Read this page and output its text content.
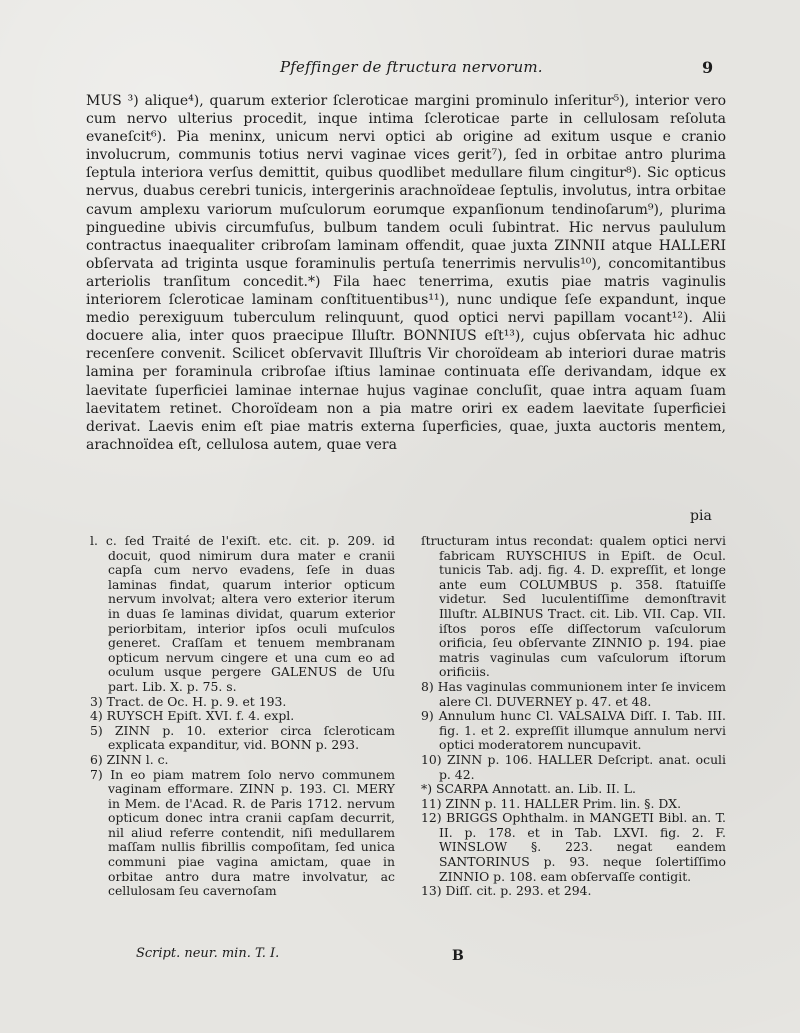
Pfeffinger de ftructura nervorum.	9

MUS ³) alique⁴), quarum exterior ſcleroticae margini prominulo inſeritur⁵), interior vero cum nervo ulterius procedit, inque intima ſcleroticae parte in cellulosam reſoluta evaneſcit⁶). Pia meninx, unicum nervi optici ab origine ad exitum usque e cranio involucrum, communis totius nervi vaginae vices gerit⁷), ſed in orbitae antro plurima ſeptula interiora verſus demittit, quibus quodlibet medullare filum cingitur⁸). Sic opticus nervus, duabus cerebri tunicis, intergerinis arachnoïdeae ſeptulis, involutus, intra orbitae cavum amplexu variorum muſculorum eorumque expanſionum tendinoſarum⁹), plurima pinguedine ubivis circumfuſus, bulbum tandem oculi ſubintrat. Hic nervus paululum contractus inaequaliter cribroſam laminam offendit, quae juxta ZINNII atque HALLERI obſervata ad triginta usque foraminulis pertuſa tenerrimis nervulis¹⁰), concomitantibus arteriolis tranſitum concedit.*) Fila haec tenerrima, exutis piae matris vaginulis interiorem ſcleroticae laminam conſtituentibus¹¹), nunc undique ſeſe expandunt, inque medio perexiguum tuberculum relinquunt, quod optici nervi papillam vocant¹²). Alii docuere alia, inter quos praecipue Illuſtr. BONNIUS eſt¹³), cujus obſervata hic adhuc recenſere convenit. Scilicet obſervavit Illuſtris Vir choroïdeam ab interiori durae matris lamina per foraminula cribroſae iſtius laminae continuata eſſe derivandam, idque ex laevitate ſuperficiei laminae internae hujus vaginae concluſit, quae intra aquam ſuam laevitatem retinet. Choroïdeam non a pia matre oriri ex eadem laevitate ſuperficiei derivat. Laevis enim eſt piae matris externa ſuperficies, quae, juxta auctoris mentem, arachnoïdea eſt, cellulosa autem, quae vera

pia

l. c. ſed Traité de l'exiſt. etc. cit. p. 209. id docuit, quod nimirum dura mater e cranii capſa cum nervo evadens, ſeſe in duas laminas findat, quarum interior opticum nervum involvat; altera vero exterior iterum in duas ſe laminas dividat, quarum exterior periorbitam, interior ipſos oculi muſculos generet. Craſſam et tenuem membranam opticum nervum cingere et una cum eo ad oculum usque pergere GALENUS de Uſu part. Lib. X. p. 75. s.

3) Tract. de Oc. H. p. 9. et 193.

4) RUYSCH Epiſt. XVI. f. 4. expl.

5) ZINN p. 10. exterior circa ſcleroticam explicata expanditur, vid. BONN p. 293.

6) ZINN l. c.

7) In eo piam matrem ſolo nervo communem vaginam efformare. ZINN p. 193. Cl. MERY in Mem. de l'Acad. R. de Paris 1712. nervum opticum donec intra cranii capſam decurrit, nil aliud referre contendit, niſi medullarem maſſam nullis fibrillis compoſitam, ſed unica communi piae vagina amictam, quae in orbitae antro dura matre involvatur, ac cellulosam ſeu cavernoſam

ſtructuram intus recondat: qualem optici nervi fabricam RUYSCHIUS in Epiſt. de Ocul. tunicis Tab. adj. fig. 4. D. expreſſit, et longe ante eum COLUMBUS p. 358. ſtatuiſſe videtur. Sed luculentiſſime demonſtravit Illuſtr. ALBINUS Tract. cit. Lib. VII. Cap. VII. iſtos poros eſſe diſſectorum vaſculorum orificia, ſeu obſervante ZINNIO p. 194. piae matris vaginulas cum vaſculorum iſtorum orificiis.

8) Has vaginulas communionem inter ſe invicem alere Cl. DUVERNEY p. 47. et 48.

9) Annulum hunc Cl. VALSALVA Diſſ. I. Tab. III. fig. 1. et 2. expreſſit illumque annulum nervi optici moderatorem nuncupavit.

10) ZINN p. 106. HALLER Deſcript. anat. oculi p. 42.

*) SCARPA Annotatt. an. Lib. II. L.

11) ZINN p. 11. HALLER Prim. lin. §. DX.

12) BRIGGS Ophthalm. in MANGETI Bibl. an. T. II. p. 178. et in Tab. LXVI. fig. 2. F. WINSLOW §. 223. negat eandem SANTORINUS p. 93. neque ſolertiſſimo ZINNIO p. 108. eam obſervaſſe contigit.

13) Diſſ. cit. p. 293. et 294.

Script. neur. min. T. I.	B
